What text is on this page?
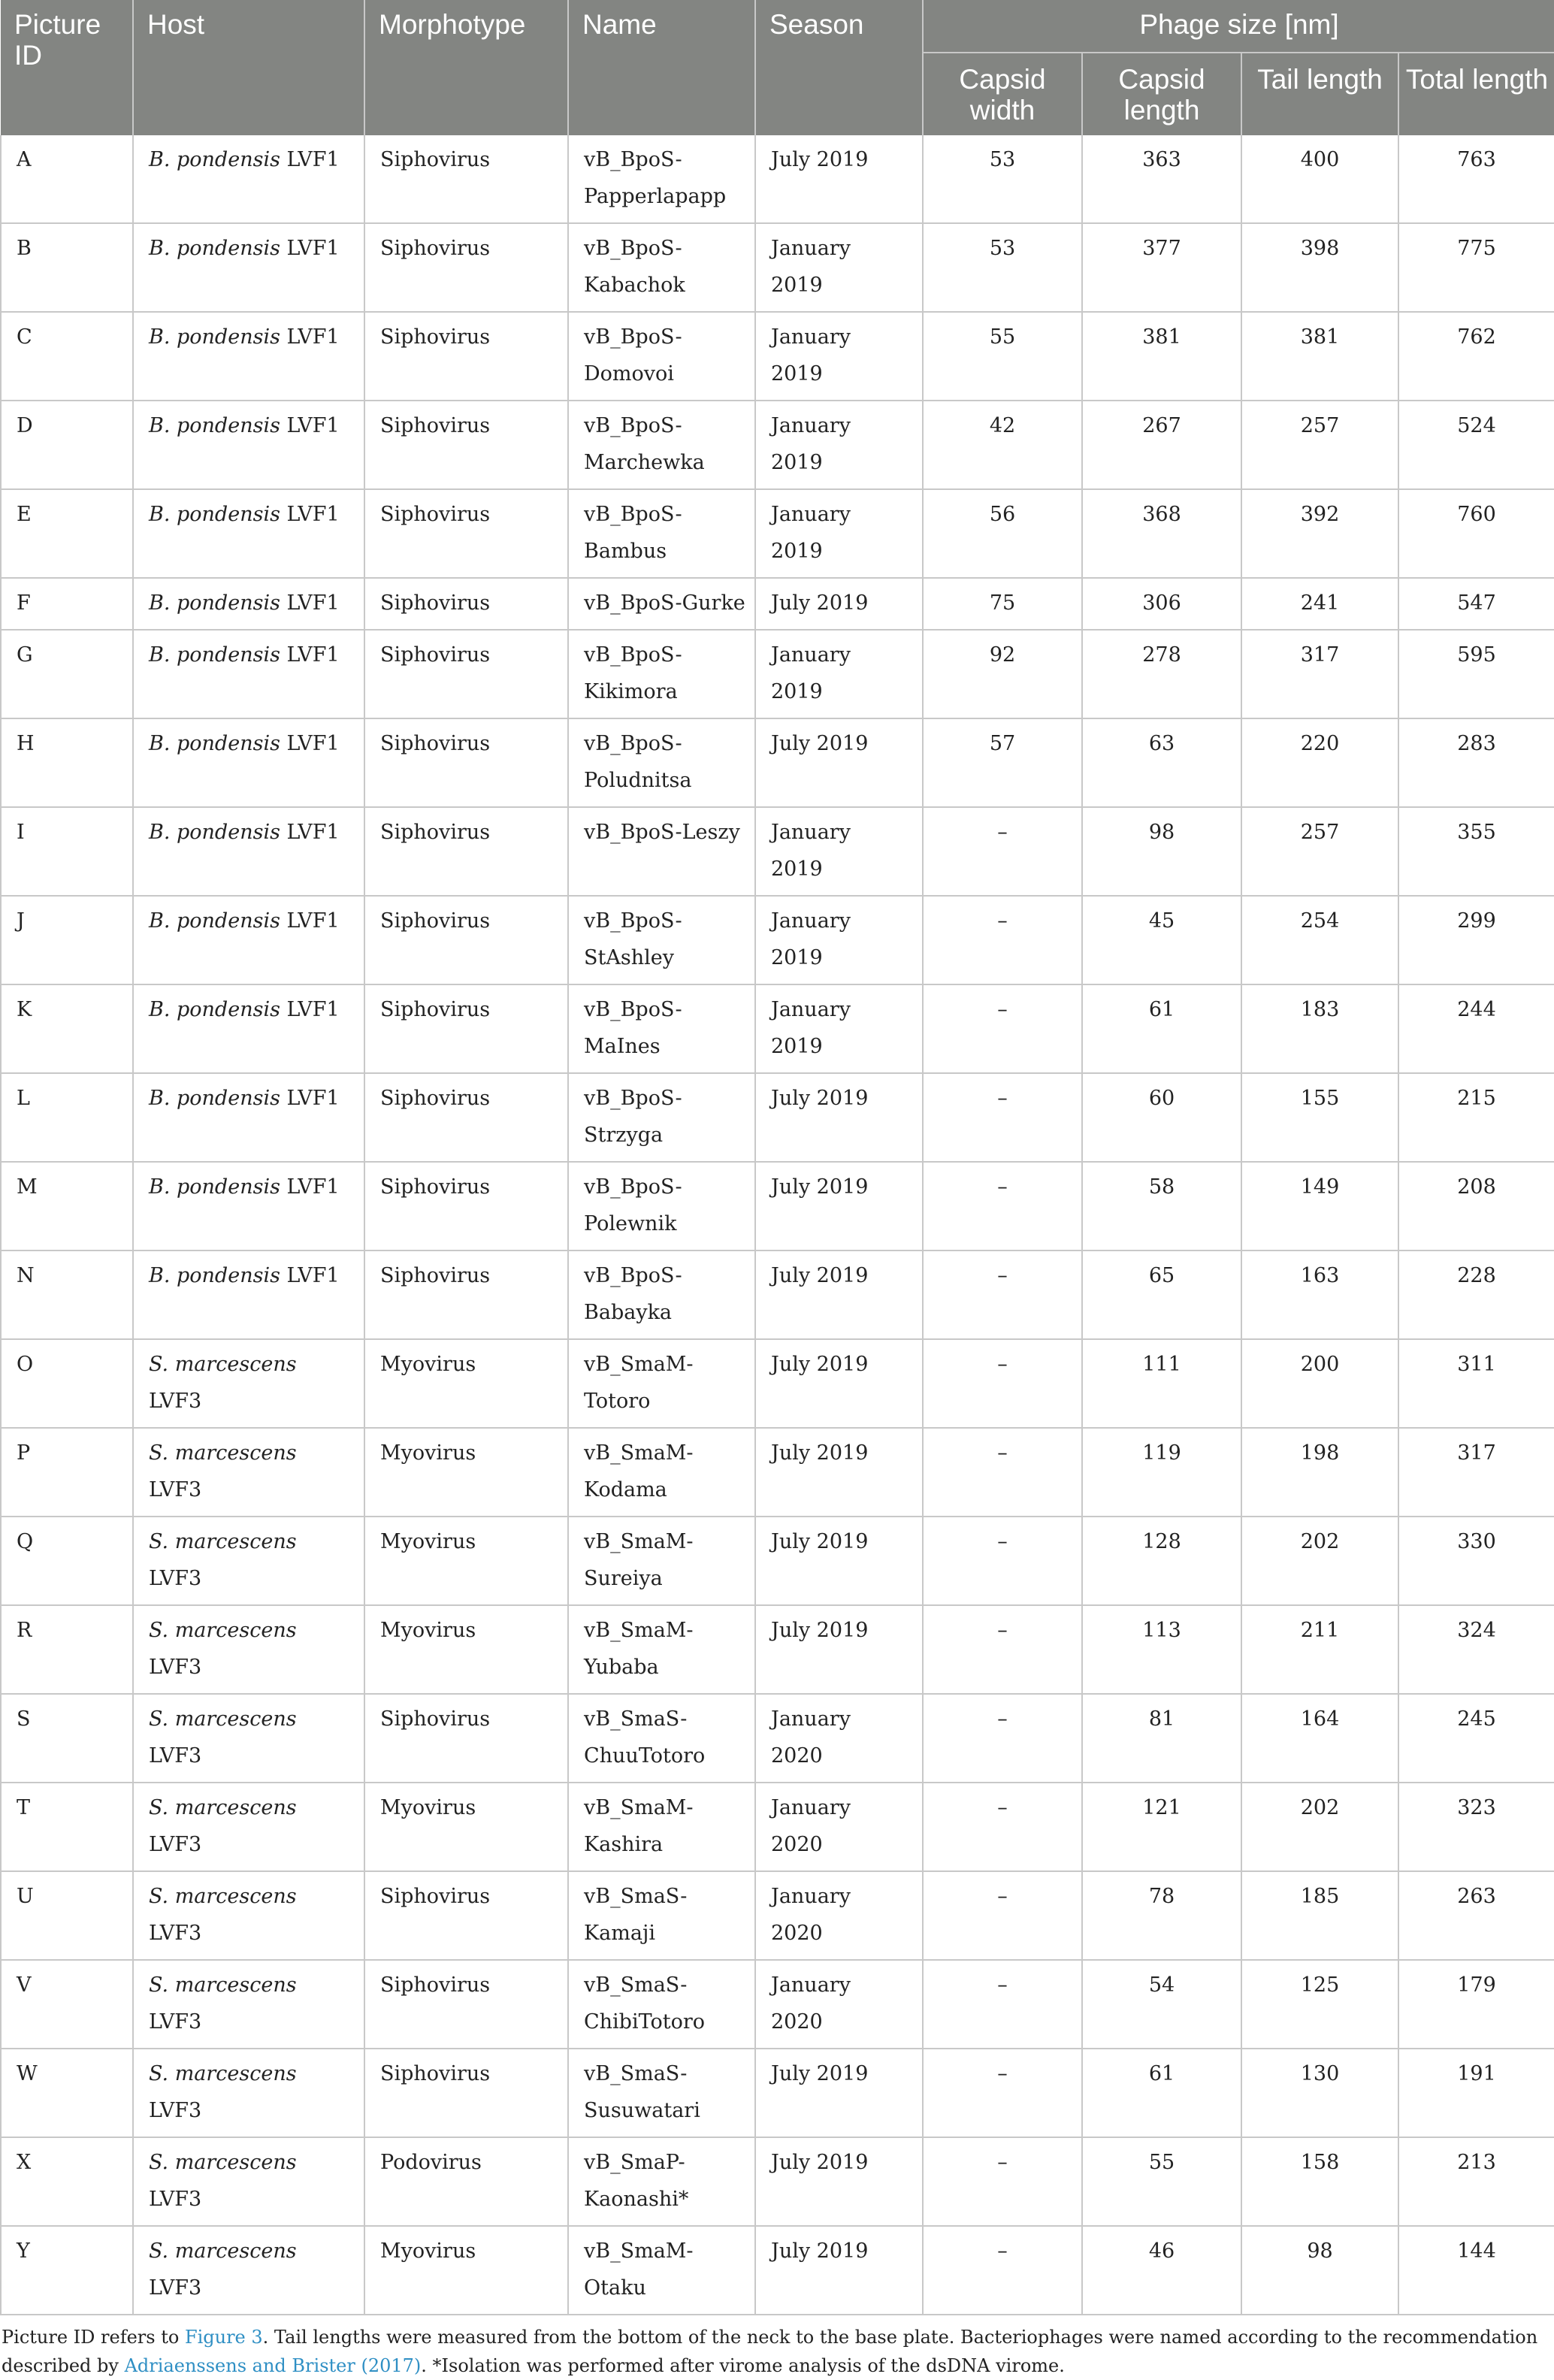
Picture ID	Host	Morphotype	Name	Season	Phage size [nm]			
					Capsid width	Capsid length	Tail length	Total length
A	B. pondensis LVF1	Siphovirus	vB_BpoS-Papperlapapp	July 2019	53	363	400	763
B	B. pondensis LVF1	Siphovirus	vB_BpoS-Kabachok	January 2019	53	377	398	775
C	B. pondensis LVF1	Siphovirus	vB_BpoS-Domovoi	January 2019	55	381	381	762
D	B. pondensis LVF1	Siphovirus	vB_BpoS-Marchewka	January 2019	42	267	257	524
E	B. pondensis LVF1	Siphovirus	vB_BpoS-Bambus	January 2019	56	368	392	760
F	B. pondensis LVF1	Siphovirus	vB_BpoS-Gurke	July 2019	75	306	241	547
G	B. pondensis LVF1	Siphovirus	vB_BpoS-Kikimora	January 2019	92	278	317	595
H	B. pondensis LVF1	Siphovirus	vB_BpoS-Poludnitsa	July 2019	57	63	220	283
I	B. pondensis LVF1	Siphovirus	vB_BpoS-Leszy	January 2019	–	98	257	355
J	B. pondensis LVF1	Siphovirus	vB_BpoS-StAshley	January 2019	–	45	254	299
K	B. pondensis LVF1	Siphovirus	vB_BpoS-MaInes	January 2019	–	61	183	244
L	B. pondensis LVF1	Siphovirus	vB_BpoS-Strzyga	July 2019	–	60	155	215
M	B. pondensis LVF1	Siphovirus	vB_BpoS-Polewnik	July 2019	–	58	149	208
N	B. pondensis LVF1	Siphovirus	vB_BpoS-Babayka	July 2019	–	65	163	228
O	S. marcescens LVF3	Myovirus	vB_SmaM-Totoro	July 2019	–	111	200	311
P	S. marcescens LVF3	Myovirus	vB_SmaM-Kodama	July 2019	–	119	198	317
Q	S. marcescens LVF3	Myovirus	vB_SmaM-Sureiya	July 2019	–	128	202	330
R	S. marcescens LVF3	Myovirus	vB_SmaM-Yubaba	July 2019	–	113	211	324
S	S. marcescens LVF3	Siphovirus	vB_SmaS-ChuuTotoro	January 2020	–	81	164	245
T	S. marcescens LVF3	Myovirus	vB_SmaM-Kashira	January 2020	–	121	202	323
U	S. marcescens LVF3	Siphovirus	vB_SmaS-Kamaji	January 2020	–	78	185	263
V	S. marcescens LVF3	Siphovirus	vB_SmaS-ChibiTotoro	January 2020	–	54	125	179
W	S. marcescens LVF3	Siphovirus	vB_SmaS-Susuwatari	July 2019	–	61	130	191
X	S. marcescens LVF3	Podovirus	vB_SmaP-Kaonashi*	July 2019	–	55	158	213
Y	S. marcescens LVF3	Myovirus	vB_SmaM-Otaku	July 2019	–	46	98	144

Picture ID refers to Figure 3. Tail lengths were measured from the bottom of the neck to the base plate. Bacteriophages were named according to the recommendation described by Adriaenssens and Brister (2017). *Isolation was performed after virome analysis of the dsDNA virome.
